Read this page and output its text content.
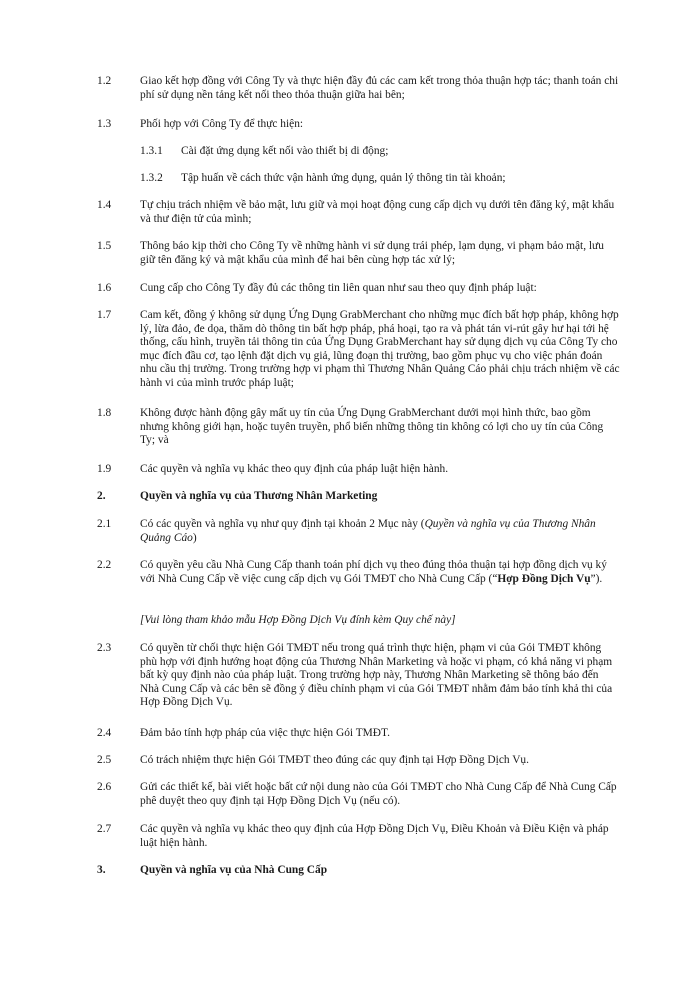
1.2	Giao kết hợp đồng với Công Ty và thực hiện đầy đủ các cam kết trong thỏa thuận hợp tác; thanh toán chi phí sử dụng nền tảng kết nối theo thỏa thuận giữa hai bên;
1.3	Phối hợp với Công Ty để thực hiện:
1.3.1 Cài đặt ứng dụng kết nối vào thiết bị di động;
1.3.2 Tập huấn về cách thức vận hành ứng dụng, quản lý thông tin tài khoản;
1.4	Tự chịu trách nhiệm về bảo mật, lưu giữ và mọi hoạt động cung cấp dịch vụ dưới tên đăng ký, mật khẩu và thư điện tử của mình;
1.5	Thông báo kịp thời cho Công Ty về những hành vi sử dụng trái phép, lạm dụng, vi phạm bảo mật, lưu giữ tên đăng ký và mật khẩu của mình để hai bên cùng hợp tác xử lý;
1.6	Cung cấp cho Công Ty đầy đủ các thông tin liên quan như sau theo quy định pháp luật:
1.7	Cam kết, đồng ý không sử dụng Ứng Dụng GrabMerchant cho những mục đích bất hợp pháp, không hợp lý, lừa đảo, đe dọa, thăm dò thông tin bất hợp pháp, phá hoại, tạo ra và phát tán vi-rút gây hư hại tới hệ thống, cấu hình, truyền tải thông tin của Ứng Dụng GrabMerchant hay sử dụng dịch vụ của Công Ty cho mục đích đầu cơ, tạo lệnh đặt dịch vụ giả, lũng đoạn thị trường, bao gồm phục vụ cho việc phán đoán nhu cầu thị trường. Trong trường hợp vi phạm thì Thương Nhân Quảng Cáo phải chịu trách nhiệm về các hành vi của mình trước pháp luật;
1.8	Không được hành động gây mất uy tín của Ứng Dụng GrabMerchant dưới mọi hình thức, bao gồm nhưng không giới hạn, hoặc tuyên truyền, phổ biến những thông tin không có lợi cho uy tín của Công Ty; và
1.9	Các quyền và nghĩa vụ khác theo quy định của pháp luật hiện hành.
2.	Quyền và nghĩa vụ của Thương Nhân Marketing
2.1	Có các quyền và nghĩa vụ như quy định tại khoản 2 Mục này (Quyền và nghĩa vụ của Thương Nhân Quảng Cáo)
2.2	Có quyền yêu cầu Nhà Cung Cấp thanh toán phí dịch vụ theo đúng thỏa thuận tại hợp đồng dịch vụ ký với Nhà Cung Cấp về việc cung cấp dịch vụ Gói TMĐT cho Nhà Cung Cấp (“Hợp Đồng Dịch Vụ”).
[Vui lòng tham khảo mẫu Hợp Đồng Dịch Vụ đính kèm Quy chế này]
2.3	Có quyền từ chối thực hiện Gói TMĐT nếu trong quá trình thực hiện, phạm vi của Gói TMĐT không phù hợp với định hướng hoạt động của Thương Nhân Marketing và hoặc vi phạm, có khả năng vi phạm bất kỳ quy định nào của pháp luật. Trong trường hợp này, Thương Nhân Marketing sẽ thông báo đến Nhà Cung Cấp và các bên sẽ đồng ý điều chỉnh phạm vi của Gói TMĐT nhằm đảm bảo tính khả thi của Hợp Đồng Dịch Vụ.
2.4	Đảm bảo tính hợp pháp của việc thực hiện Gói TMĐT.
2.5	Có trách nhiệm thực hiện Gói TMĐT theo đúng các quy định tại Hợp Đồng Dịch Vụ.
2.6	Gửi các thiết kế, bài viết hoặc bất cứ nội dung nào của Gói TMĐT cho Nhà Cung Cấp để Nhà Cung Cấp phê duyệt theo quy định tại Hợp Đồng Dịch Vụ (nếu có).
2.7	Các quyền và nghĩa vụ khác theo quy định của Hợp Đồng Dịch Vụ, Điều Khoản và Điều Kiện và pháp luật hiện hành.
3.	Quyền và nghĩa vụ của Nhà Cung Cấp
